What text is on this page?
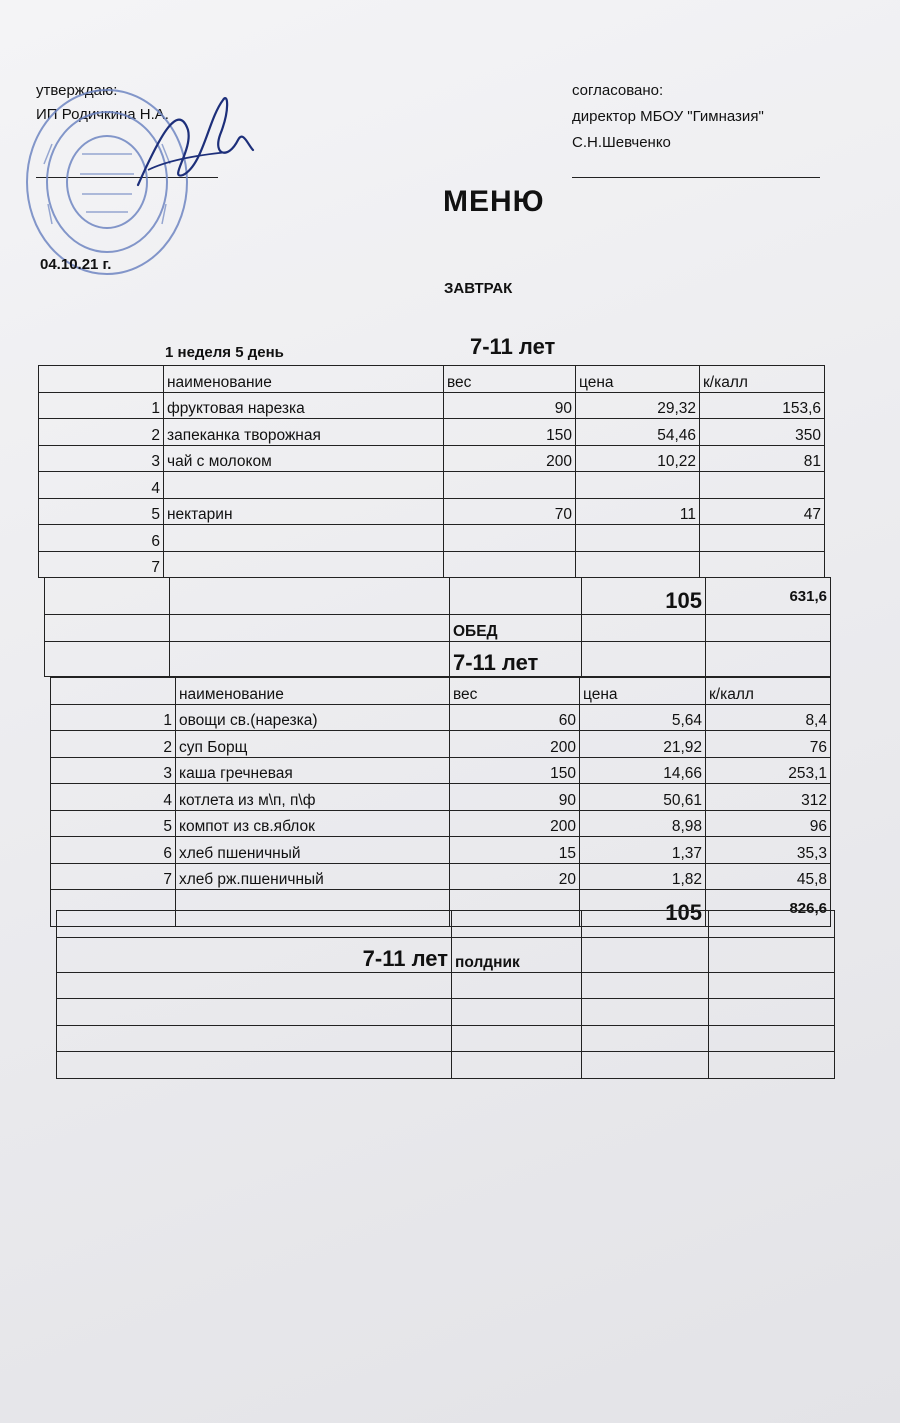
утверждаю:
ИП Родичкина Н.А.
согласовано:
директор МБОУ "Гимназия"
С.Н.Шевченко
МЕНЮ
04.10.21 г.
ЗАВТРАК
1 неделя 5 день	7-11 лет
	наименование	вес	цена	к/калл
1	фруктовая нарезка	90	29,32	153,6
2	запеканка творожная	150	54,46	350
3	чай с молоком	200	10,22	81
4				
5	нектарин	70	11	47
6				
7				
			105	631,6
		ОБЕД		
		7-11 лет		
	наименование	вес	цена	к/калл
1	овощи св.(нарезка)	60	5,64	8,4
2	суп Борщ	200	21,92	76
3	каша гречневая	150	14,66	253,1
4	котлета из м\п, п\ф	90	50,61	312
5	компот из св.яблок	200	8,98	96
6	хлеб пшеничный	15	1,37	35,3
7	хлеб рж.пшеничный	20	1,82	45,8
			105	826,6

7-11 лет	полдник		
